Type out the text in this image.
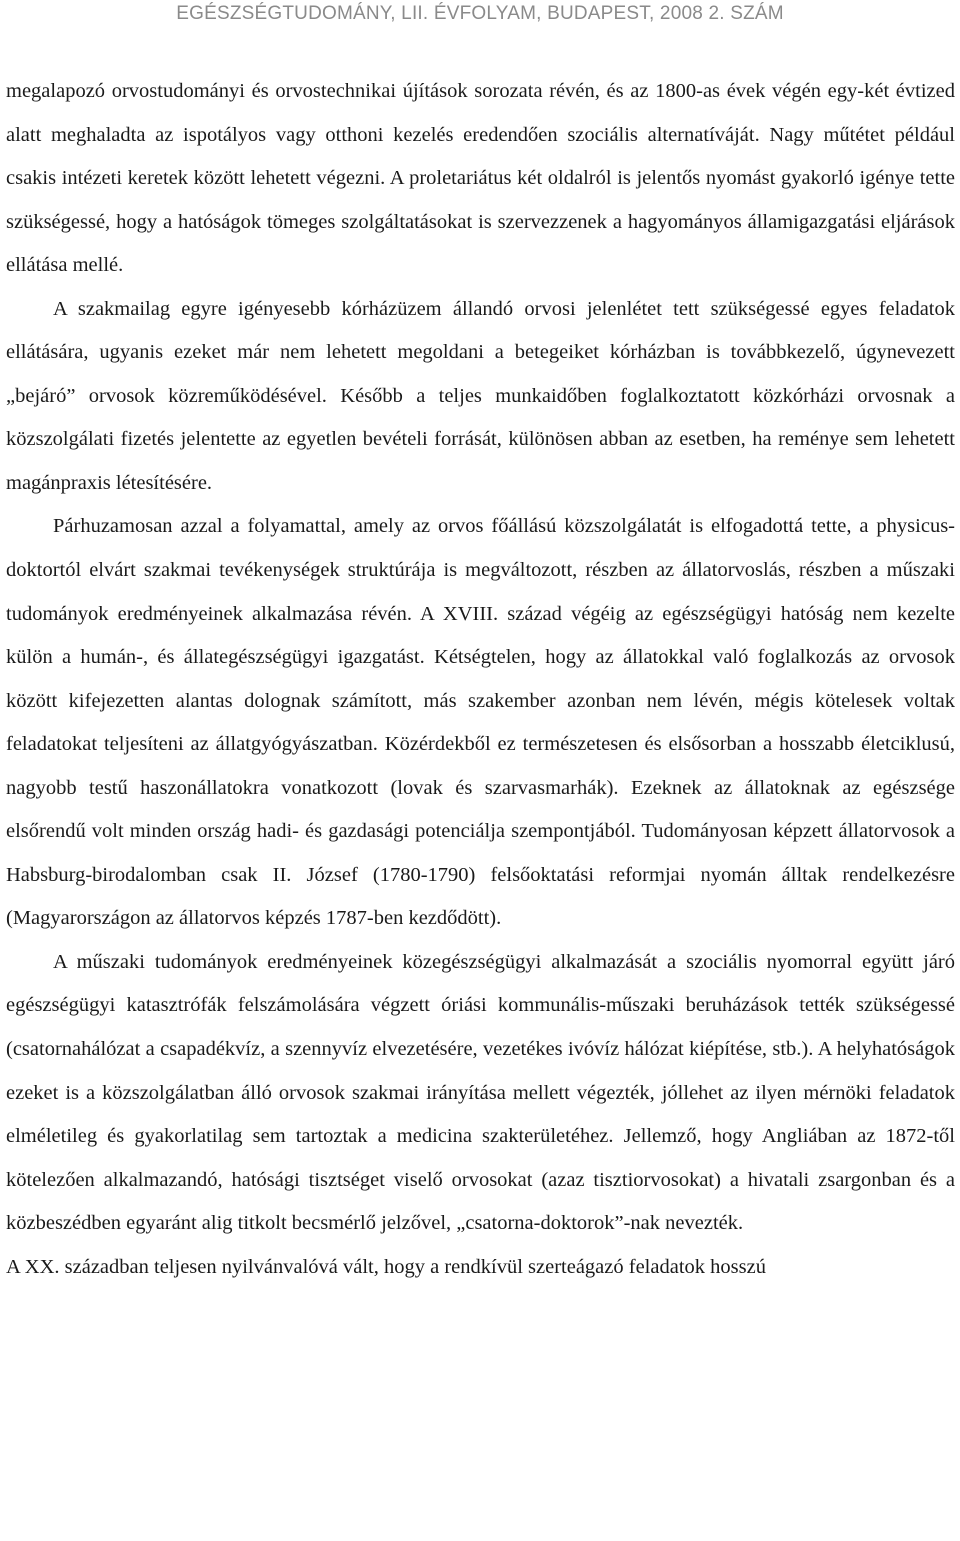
EGÉSZSÉGTUDOMÁNY, LII. ÉVFOLYAM, BUDAPEST, 2008 2. SZÁM

megalapozó orvostudományi és orvostechnikai újítások sorozata révén, és az 1800-as évek végén egy-két évtized alatt meghaladta az ispotályos vagy otthoni kezelés eredendően szociális alternatíváját. Nagy műtétet például csakis intézeti keretek között lehetett végezni. A proletariátus két oldalról is jelentős nyomást gyakorló igénye tette szükségessé, hogy a hatóságok tömeges szolgáltatásokat is szervezzenek a hagyományos államigazgatási eljárások ellátása mellé.

A szakmailag egyre igényesebb kórházüzem állandó orvosi jelenlétet tett szükségessé egyes feladatok ellátására, ugyanis ezeket már nem lehetett megoldani a betegeiket kórházban is továbbkezelő, úgynevezett „bejáró” orvosok közreműködésével. Később a teljes munkaidőben foglalkoztatott közkórházi orvosnak a közszolgálati fizetés jelentette az egyetlen bevételi forrását, különösen abban az esetben, ha reménye sem lehetett magánpraxis létesítésére.

Párhuzamosan azzal a folyamattal, amely az orvos főállású közszolgálatát is elfogadottá tette, a physicus-doktortól elvárt szakmai tevékenységek struktúrája is megváltozott, részben az állatorvoslás, részben a műszaki tudományok eredményeinek alkalmazása révén. A XVIII. század végéig az egészségügyi hatóság nem kezelte külön a humán-, és állategészségügyi igazgatást. Kétségtelen, hogy az állatokkal való foglalkozás az orvosok között kifejezetten alantas dolognak számított, más szakember azonban nem lévén, mégis kötelesek voltak feladatokat teljesíteni az állatgyógyászatban. Közérdekből ez természetesen és elsősorban a hosszabb életciklusú, nagyobb testű haszonállatokra vonatkozott (lovak és szarvasmarhák). Ezeknek az állatoknak az egészsége elsőrendű volt minden ország hadi- és gazdasági potenciálja szempontjából. Tudományosan képzett állatorvosok a Habsburg-birodalomban csak II. József (1780-1790) felsőoktatási reformjai nyomán álltak rendelkezésre (Magyarországon az állatorvos képzés 1787-ben kezdődött).

A műszaki tudományok eredményeinek közegészségügyi alkalmazását a szociális nyomorral együtt járó egészségügyi katasztrófák felszámolására végzett óriási kommunális-műszaki beruházások tették szükségessé (csatornahálózat a csapadékvíz, a szennyvíz elvezetésére, vezetékes ivóvíz hálózat kiépítése, stb.). A helyhatóságok ezeket is a közszolgálatban álló orvosok szakmai irányítása mellett végezték, jóllehet az ilyen mérnöki feladatok elméletileg és gyakorlatilag sem tartoztak a medicina szakterületéhez. Jellemző, hogy Angliában az 1872-től kötelezően alkalmazandó, hatósági tisztséget viselő orvosokat (azaz tisztiorvosokat) a hivatali zsargonban és a közbeszédben egyaránt alig titkolt becsmérlő jelzővel, „csatorna-doktorok”-nak nevezték.

A XX. században teljesen nyilvánvalóvá vált, hogy a rendkívül szerteágazó feladatok hosszú
